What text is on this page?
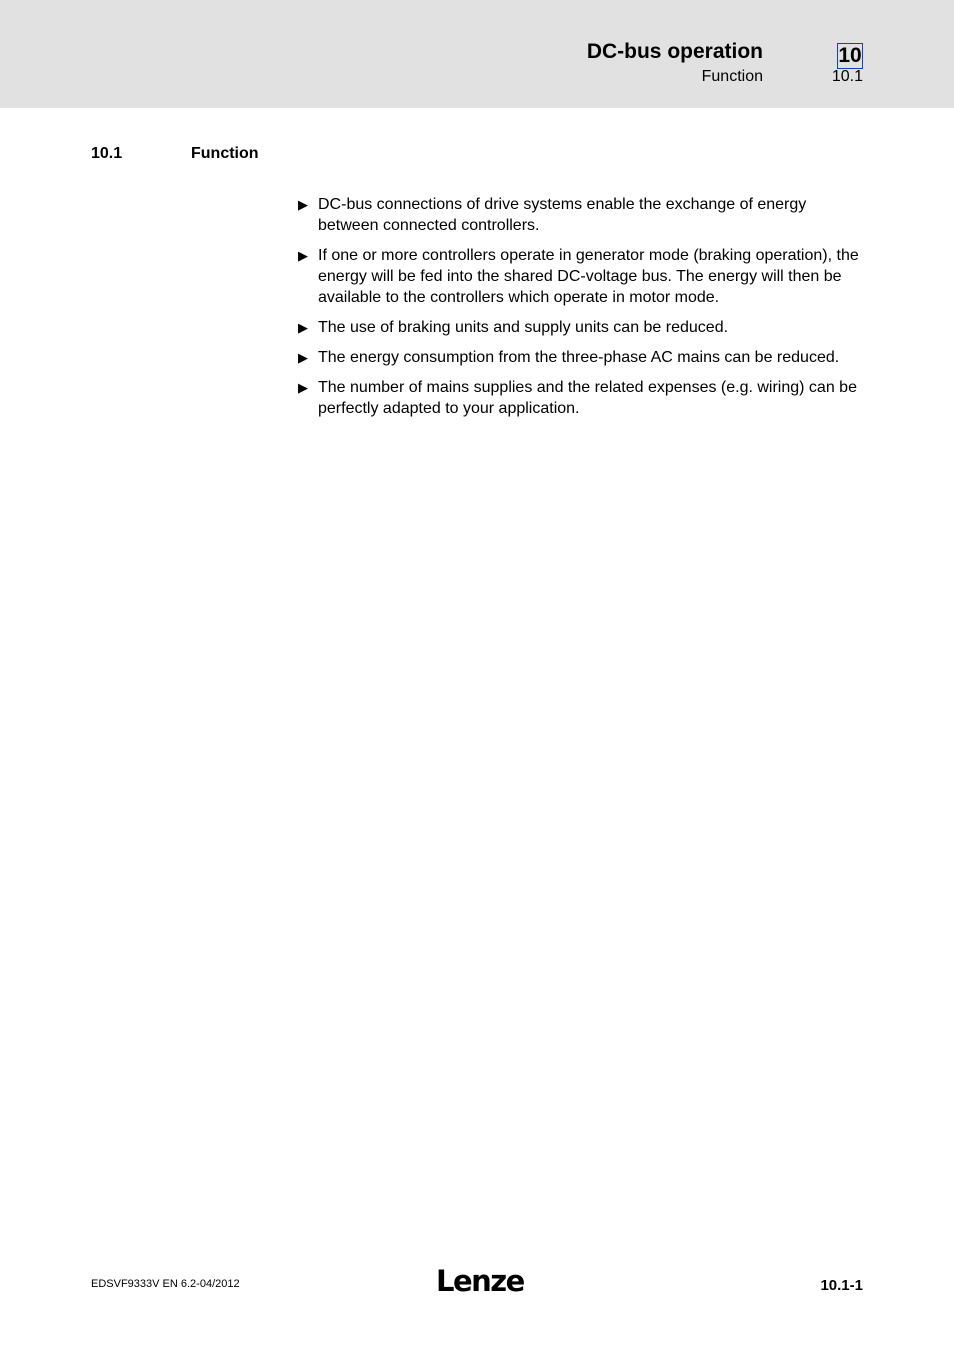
DC-bus operation
Function
10
10.1
10.1	Function
▶ DC-bus connections of drive systems enable the exchange of energy between connected controllers.
▶ If one or more controllers operate in generator mode (braking operation), the energy will be fed into the shared DC-voltage bus. The energy will then be available to the controllers which operate in motor mode.
▶ The use of braking units and supply units can be reduced.
▶ The energy consumption from the three-phase AC mains can be reduced.
▶ The number of mains supplies and the related expenses (e.g. wiring) can be perfectly adapted to your application.
EDSVF9333V EN 6.2-04/2012	Lenze	10.1-1
